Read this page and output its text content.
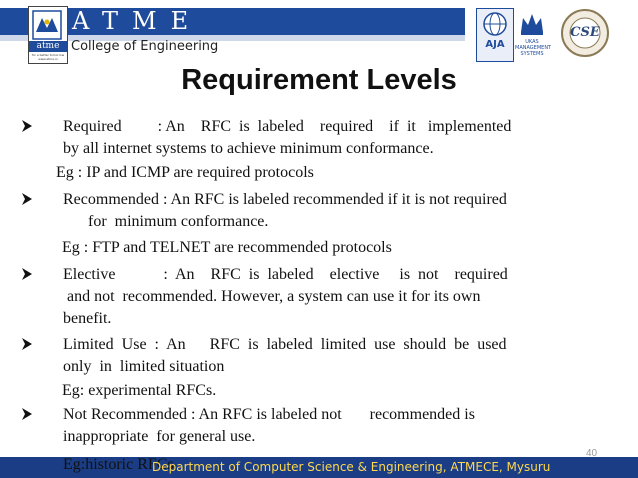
atme
for a better tomorrow www.atme.in
ATME
College of Engineering	AJA	UKAS MANAGEMENT SYSTEMS
CSE
Requirement Levels
Required         : An    RFC  is  labeled    required    if  it   implemented
by all internet systems to achieve minimum conformance.
Eg : IP and ICMP are required protocols
Recommended : An RFC is labeled recommended if it is not required
for  minimum conformance.
Eg : FTP and TELNET are recommended protocols
Elective            :  An    RFC  is  labeled    elective     is  not    required
and not  recommended. However, a system can use it for its own
benefit.
Limited  Use  :  An      RFC  is  labeled  limited  use  should  be  used
only  in  limited situation
Eg: experimental RFCs.
Not Recommended : An RFC is labeled not       recommended is
inappropriate  for general use.
Eg:historic RFCs
Department of Computer Science & Engineering, ATMECE, Mysuru
40
